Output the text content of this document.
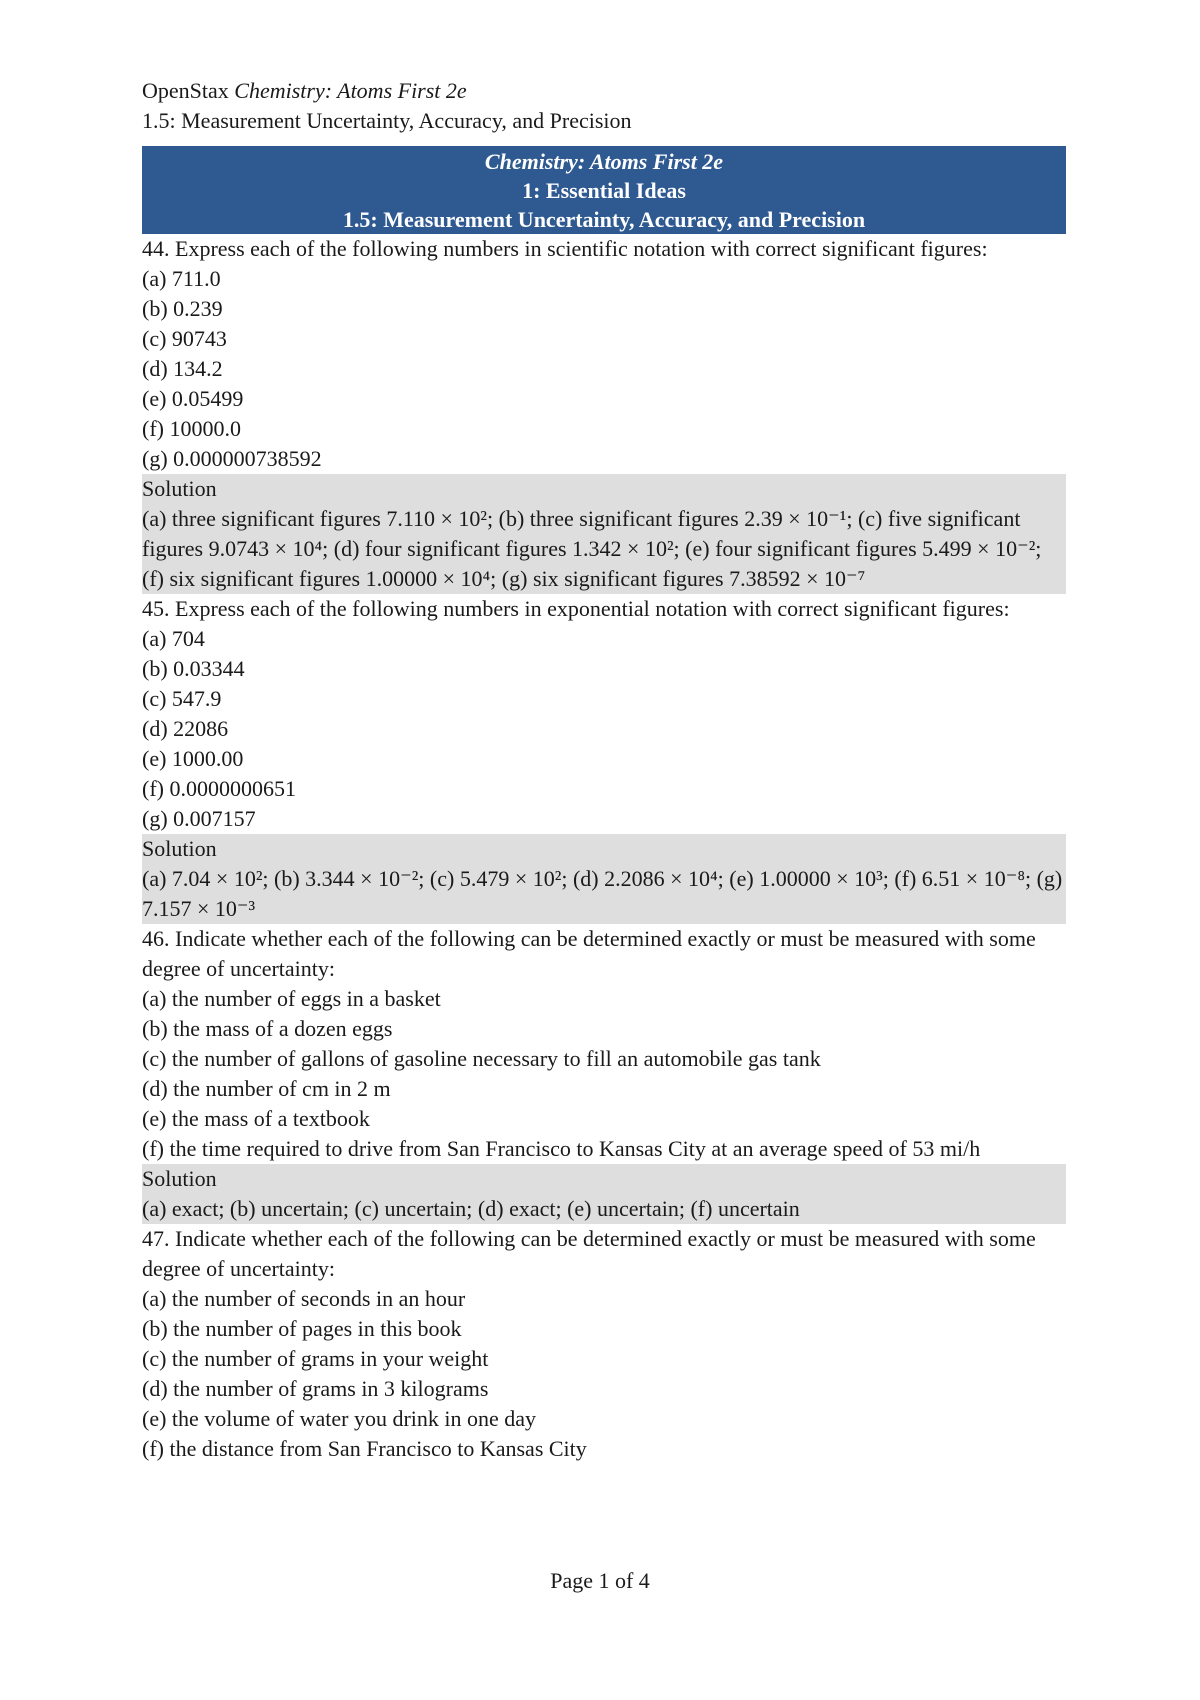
OpenStax Chemistry: Atoms First 2e
1.5: Measurement Uncertainty, Accuracy, and Precision
Chemistry: Atoms First 2e
1: Essential Ideas
1.5: Measurement Uncertainty, Accuracy, and Precision
44. Express each of the following numbers in scientific notation with correct significant figures:
(a) 711.0
(b) 0.239
(c) 90743
(d) 134.2
(e) 0.05499
(f) 10000.0
(g) 0.000000738592
Solution
(a) three significant figures 7.110 × 10²; (b) three significant figures 2.39 × 10⁻¹; (c) five significant figures 9.0743 × 10⁴; (d) four significant figures 1.342 × 10²; (e) four significant figures 5.499 × 10⁻²; (f) six significant figures 1.00000 × 10⁴; (g) six significant figures 7.38592 × 10⁻⁷
45. Express each of the following numbers in exponential notation with correct significant figures:
(a) 704
(b) 0.03344
(c) 547.9
(d) 22086
(e) 1000.00
(f) 0.0000000651
(g) 0.007157
Solution
(a) 7.04 × 10²; (b) 3.344 × 10⁻²; (c) 5.479 × 10²; (d) 2.2086 × 10⁴; (e) 1.00000 × 10³; (f) 6.51 × 10⁻⁸; (g) 7.157 × 10⁻³
46. Indicate whether each of the following can be determined exactly or must be measured with some degree of uncertainty:
(a) the number of eggs in a basket
(b) the mass of a dozen eggs
(c) the number of gallons of gasoline necessary to fill an automobile gas tank
(d) the number of cm in 2 m
(e) the mass of a textbook
(f) the time required to drive from San Francisco to Kansas City at an average speed of 53 mi/h
Solution
(a) exact; (b) uncertain; (c) uncertain; (d) exact; (e) uncertain; (f) uncertain
47. Indicate whether each of the following can be determined exactly or must be measured with some degree of uncertainty:
(a) the number of seconds in an hour
(b) the number of pages in this book
(c) the number of grams in your weight
(d) the number of grams in 3 kilograms
(e) the volume of water you drink in one day
(f) the distance from San Francisco to Kansas City
Page 1 of 4
